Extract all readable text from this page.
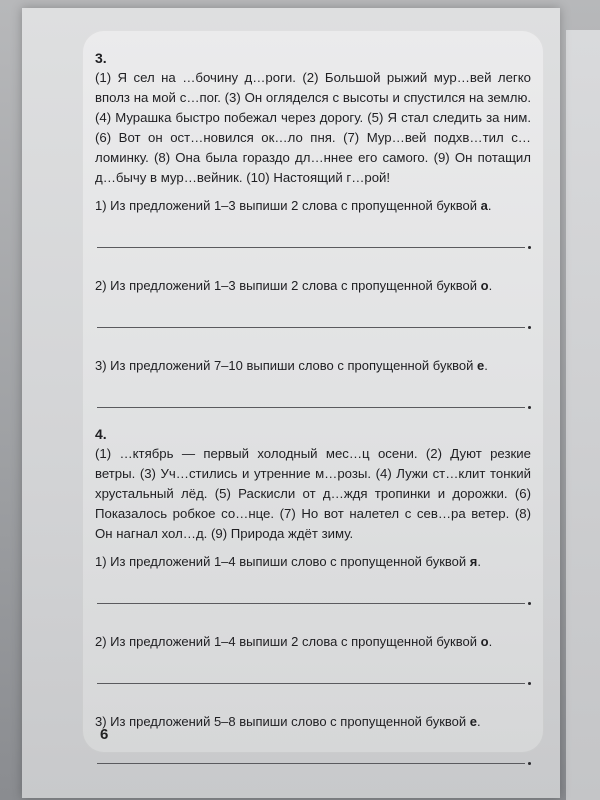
3.

(1) Я сел на …бочину д…роги. (2) Большой рыжий мур…вей легко вполз на мой с…пог. (3) Он огляделся с высоты и спустился на землю. (4) Мурашка быстро побежал через дорогу. (5) Я стал следить за ним. (6) Вот он ост…новился ок…ло пня. (7) Мур…вей подхв…тил с…ломинку. (8) Она была гораздо дл…ннее его самого. (9) Он потащил д…бычу в мур…вейник. (10) Настоящий г…рой!

1) Из предложений 1–3 выпиши 2 слова с пропущенной буквой а.

2) Из предложений 1–3 выпиши 2 слова с пропущенной буквой о.

3) Из предложений 7–10 выпиши слово с пропущенной буквой е.

4.

(1) …ктябрь — первый холодный мес…ц осени. (2) Дуют резкие ветры. (3) Уч…стились и утренние м…розы. (4) Лужи ст…клит тонкий хрустальный лёд. (5) Раскисли от д…ждя тропинки и дорожки. (6) Показалось робкое со…нце. (7) Но вот налетел с сев…ра ветер. (8) Он нагнал хол…д. (9) Природа ждёт зиму.

1) Из предложений 1–4 выпиши слово с пропущенной буквой я.

2) Из предложений 1–4 выпиши 2 слова с пропущенной буквой о.

3) Из предложений 5–8 выпиши слово с пропущенной буквой е.

6
